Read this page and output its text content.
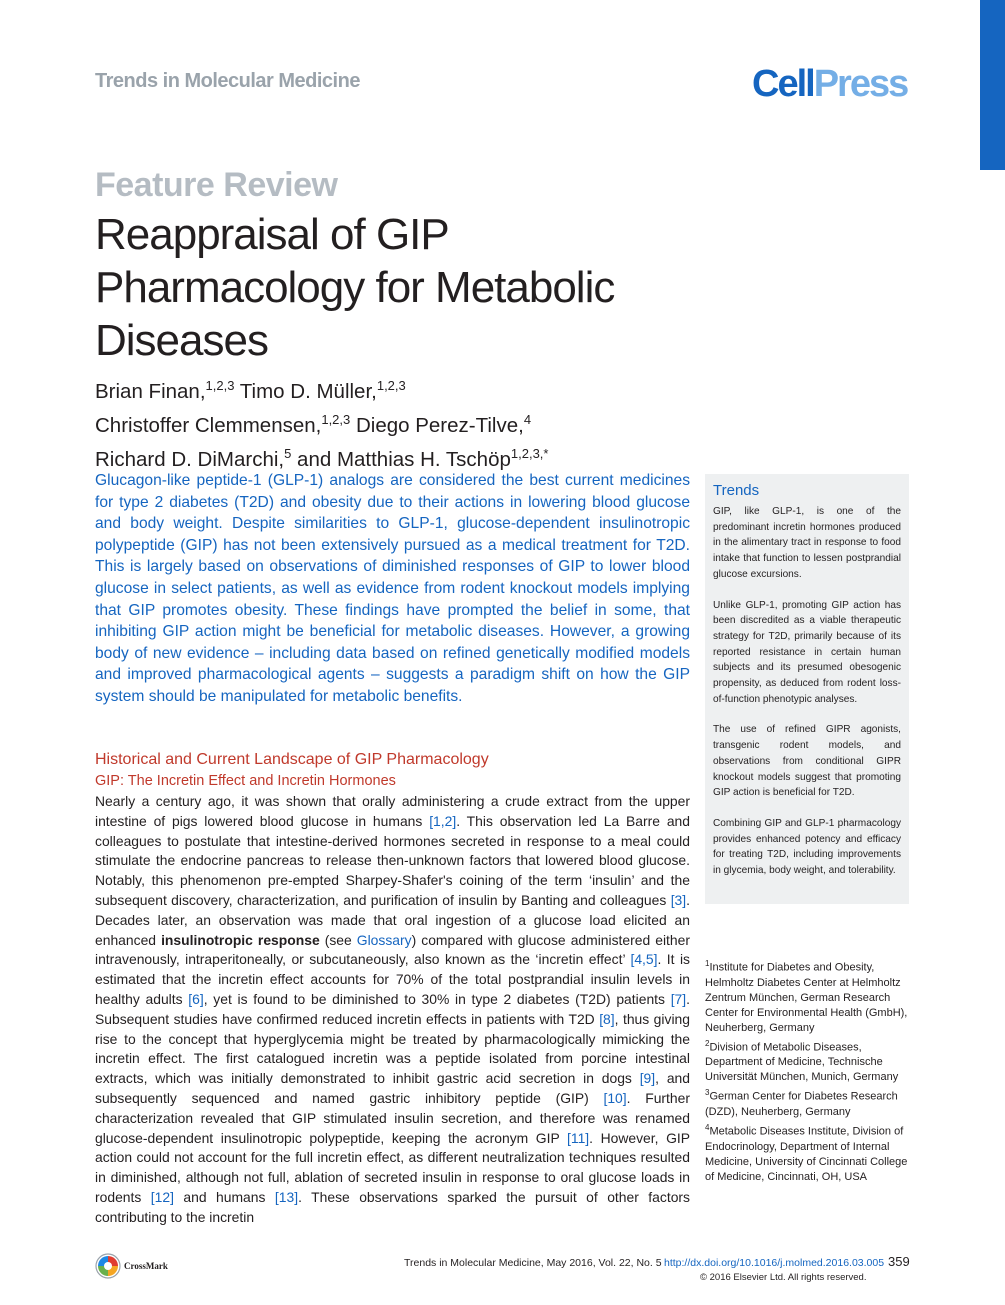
Trends in Molecular Medicine	CellPress
Feature Review
Reappraisal of GIP
Pharmacology for Metabolic
Diseases
Brian Finan,$^{1,2,3}$ Timo D. Müller,$^{1,2,3}$
Christoffer Clemmensen,$^{1,2,3}$ Diego Perez-Tilve,$^4$
Richard D. DiMarchi,$^5$ and Matthias H. Tschöp$^{1,2,3,*}$
Glucagon-like peptide-1 (GLP-1) analogs are considered the best current medicines for type 2 diabetes (T2D) and obesity due to their actions in lowering blood glucose and body weight. Despite similarities to GLP-1, glucose-dependent insulinotropic polypeptide (GIP) has not been extensively pursued as a medical treatment for T2D. This is largely based on observations of diminished responses of GIP to lower blood glucose in select patients, as well as evidence from rodent knockout models implying that GIP promotes obesity. These findings have prompted the belief in some, that inhibiting GIP action might be beneficial for metabolic diseases. However, a growing body of new evidence – including data based on refined genetically modified models and improved pharmacological agents – suggests a paradigm shift on how the GIP system should be manipulated for metabolic benefits.
Historical and Current Landscape of GIP Pharmacology
GIP: The Incretin Effect and Incretin Hormones
Nearly a century ago, it was shown that orally administering a crude extract from the upper intestine of pigs lowered blood glucose in humans [1,2]. This observation led La Barre and colleagues to postulate that intestine-derived hormones secreted in response to a meal could stimulate the endocrine pancreas to release then-unknown factors that lowered blood glucose. Notably, this phenomenon pre-empted Sharpey-Shafer's coining of the term ‘insulin’ and the subsequent discovery, characterization, and purification of insulin by Banting and colleagues [3]. Decades later, an observation was made that oral ingestion of a glucose load elicited an enhanced insulinotropic response (see Glossary) compared with glucose administered either intravenously, intraperitoneally, or subcutaneously, also known as the ‘incretin effect’ [4,5]. It is estimated that the incretin effect accounts for 70% of the total postprandial insulin levels in healthy adults [6], yet is found to be diminished to 30% in type 2 diabetes (T2D) patients [7]. Subsequent studies have confirmed reduced incretin effects in patients with T2D [8], thus giving rise to the concept that hyperglycemia might be treated by pharmacologically mimicking the incretin effect. The first catalogued incretin was a peptide isolated from porcine intestinal extracts, which was initially demonstrated to inhibit gastric acid secretion in dogs [9], and subsequently sequenced and named gastric inhibitory peptide (GIP) [10]. Further characterization revealed that GIP stimulated insulin secretion, and therefore was renamed glucose-dependent insulinotropic polypeptide, keeping the acronym GIP [11]. However, GIP action could not account for the full incretin effect, as different neutralization techniques resulted in diminished, although not full, ablation of secreted insulin in response to oral glucose loads in rodents [12] and humans [13]. These observations sparked the pursuit of other factors contributing to the incretin
Trends

GIP, like GLP-1, is one of the predominant incretin hormones produced in the alimentary tract in response to food intake that function to lessen postprandial glucose excursions.

Unlike GLP-1, promoting GIP action has been discredited as a viable therapeutic strategy for T2D, primarily because of its reported resistance in certain human subjects and its presumed obesogenic propensity, as deduced from rodent loss-of-function phenotypic analyses.

The use of refined GIPR agonists, transgenic rodent models, and observations from conditional GIPR knockout models suggest that promoting GIP action is beneficial for T2D.

Combining GIP and GLP-1 pharmacology provides enhanced potency and efficacy for treating T2D, including improvements in glycemia, body weight, and tolerability.

$^1$Institute for Diabetes and Obesity, Helmholtz Diabetes Center at Helmholtz Zentrum München, German Research Center for Environmental Health (GmbH), Neuherberg, Germany
$^2$Division of Metabolic Diseases, Department of Medicine, Technische Universität München, Munich, Germany
$^3$German Center for Diabetes Research (DZD), Neuherberg, Germany
$^4$Metabolic Diseases Institute, Division of Endocrinology, Department of Internal Medicine, University of Cincinnati College of Medicine, Cincinnati, OH, USA
CrossMark	Trends in Molecular Medicine, May 2016, Vol. 22, No. 5 http://dx.doi.org/10.1016/j.molmed.2016.03.005 359
© 2016 Elsevier Ltd. All rights reserved.
